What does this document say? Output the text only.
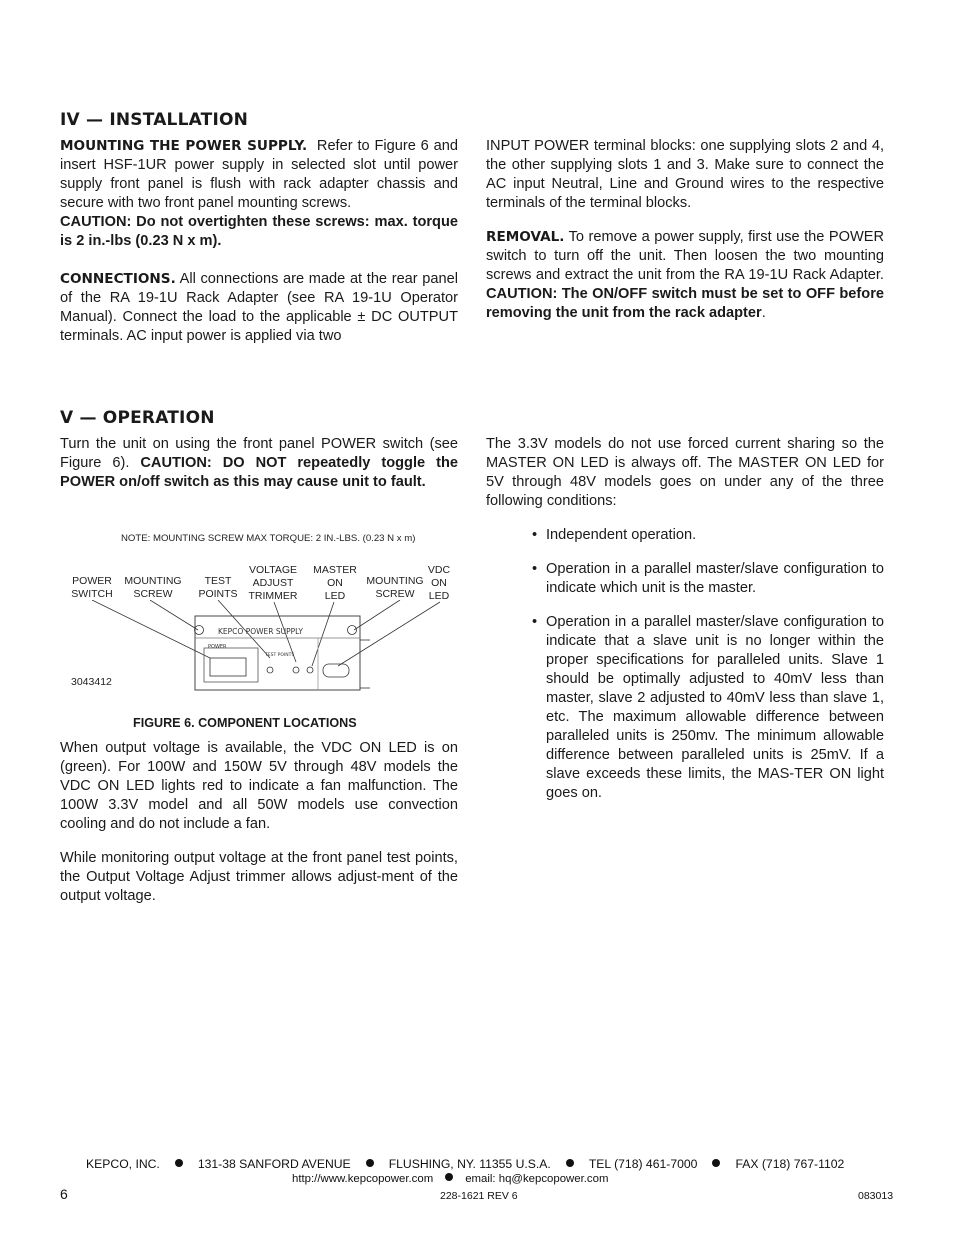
IV — INSTALLATION

MOUNTING THE POWER SUPPLY. Refer to Figure 6 and insert HSF-1UR power supply in selected slot until power supply front panel is flush with rack adapter chassis and secure with two front panel mounting screws.

CAUTION: Do not overtighten these screws: max. torque is 2 in.-lbs (0.23 N x m).

CONNECTIONS. All connections are made at the rear panel of the RA 19-1U Rack Adapter (see RA 19-1U Operator Manual). Connect the load to the applicable ± DC OUTPUT terminals. AC input power is applied via two

INPUT POWER terminal blocks: one supplying slots 2 and 4, the other supplying slots 1 and 3. Make sure to connect the AC input Neutral, Line and Ground wires to the respective terminals of the terminal blocks.

REMOVAL. To remove a power supply, first use the POWER switch to turn off the unit. Then loosen the two mounting screws and extract the unit from the RA 19-1U Rack Adapter. CAUTION: The ON/OFF switch must be set to OFF before removing the unit from the rack adapter.

V — OPERATION

Turn the unit on using the front panel POWER switch (see Figure 6). CAUTION: DO NOT repeatedly toggle the POWER on/off switch as this may cause unit to fault.

NOTE: MOUNTING SCREW MAX TORQUE: 2 IN.-LBS. (0.23 N x m)
POWER
SWITCH
MOUNTING
SCREW
TEST
POINTS
VOLTAGE
ADJUST
TRIMMER
MASTER
ON
LED
MOUNTING
SCREW
VDC
ON
LED
KEPCO POWER SUPPLY
POWER
TEST POINTS
3043412
FIGURE 6. COMPONENT LOCATIONS

When output voltage is available, the VDC ON LED is on (green). For 100W and 150W 5V through 48V models the VDC ON LED lights red to indicate a fan malfunction. The 100W 3.3V model and all 50W models use convection cooling and do not include a fan.

While monitoring output voltage at the front panel test points, the Output Voltage Adjust trimmer allows adjust-ment of the output voltage.

The 3.3V models do not use forced current sharing so the MASTER ON LED is always off. The MASTER ON LED for 5V through 48V models goes on under any of the three following conditions:

• Independent operation.

• Operation in a parallel master/slave configuration to indicate which unit is the master.

• Operation in a parallel master/slave configuration to indicate that a slave unit is no longer within the proper specifications for paralleled units. Slave 1 should be optimally adjusted to 40mV less than master, slave 2 adjusted to 40mV less than slave 1, etc. The maximum allowable difference between paralleled units is 250mv. The minimum allowable difference between paralleled units is 25mV. If a slave exceeds these limits, the MAS-TER ON light goes on.

KEPCO, INC.	131-38 SANFORD AVENUE	FLUSHING, NY. 11355 U.S.A.	TEL (718) 461-7000	FAX (718) 767-1102
http://www.kepcopower.com	email: hq@kepcopower.com
6	228-1621 REV 6	083013
